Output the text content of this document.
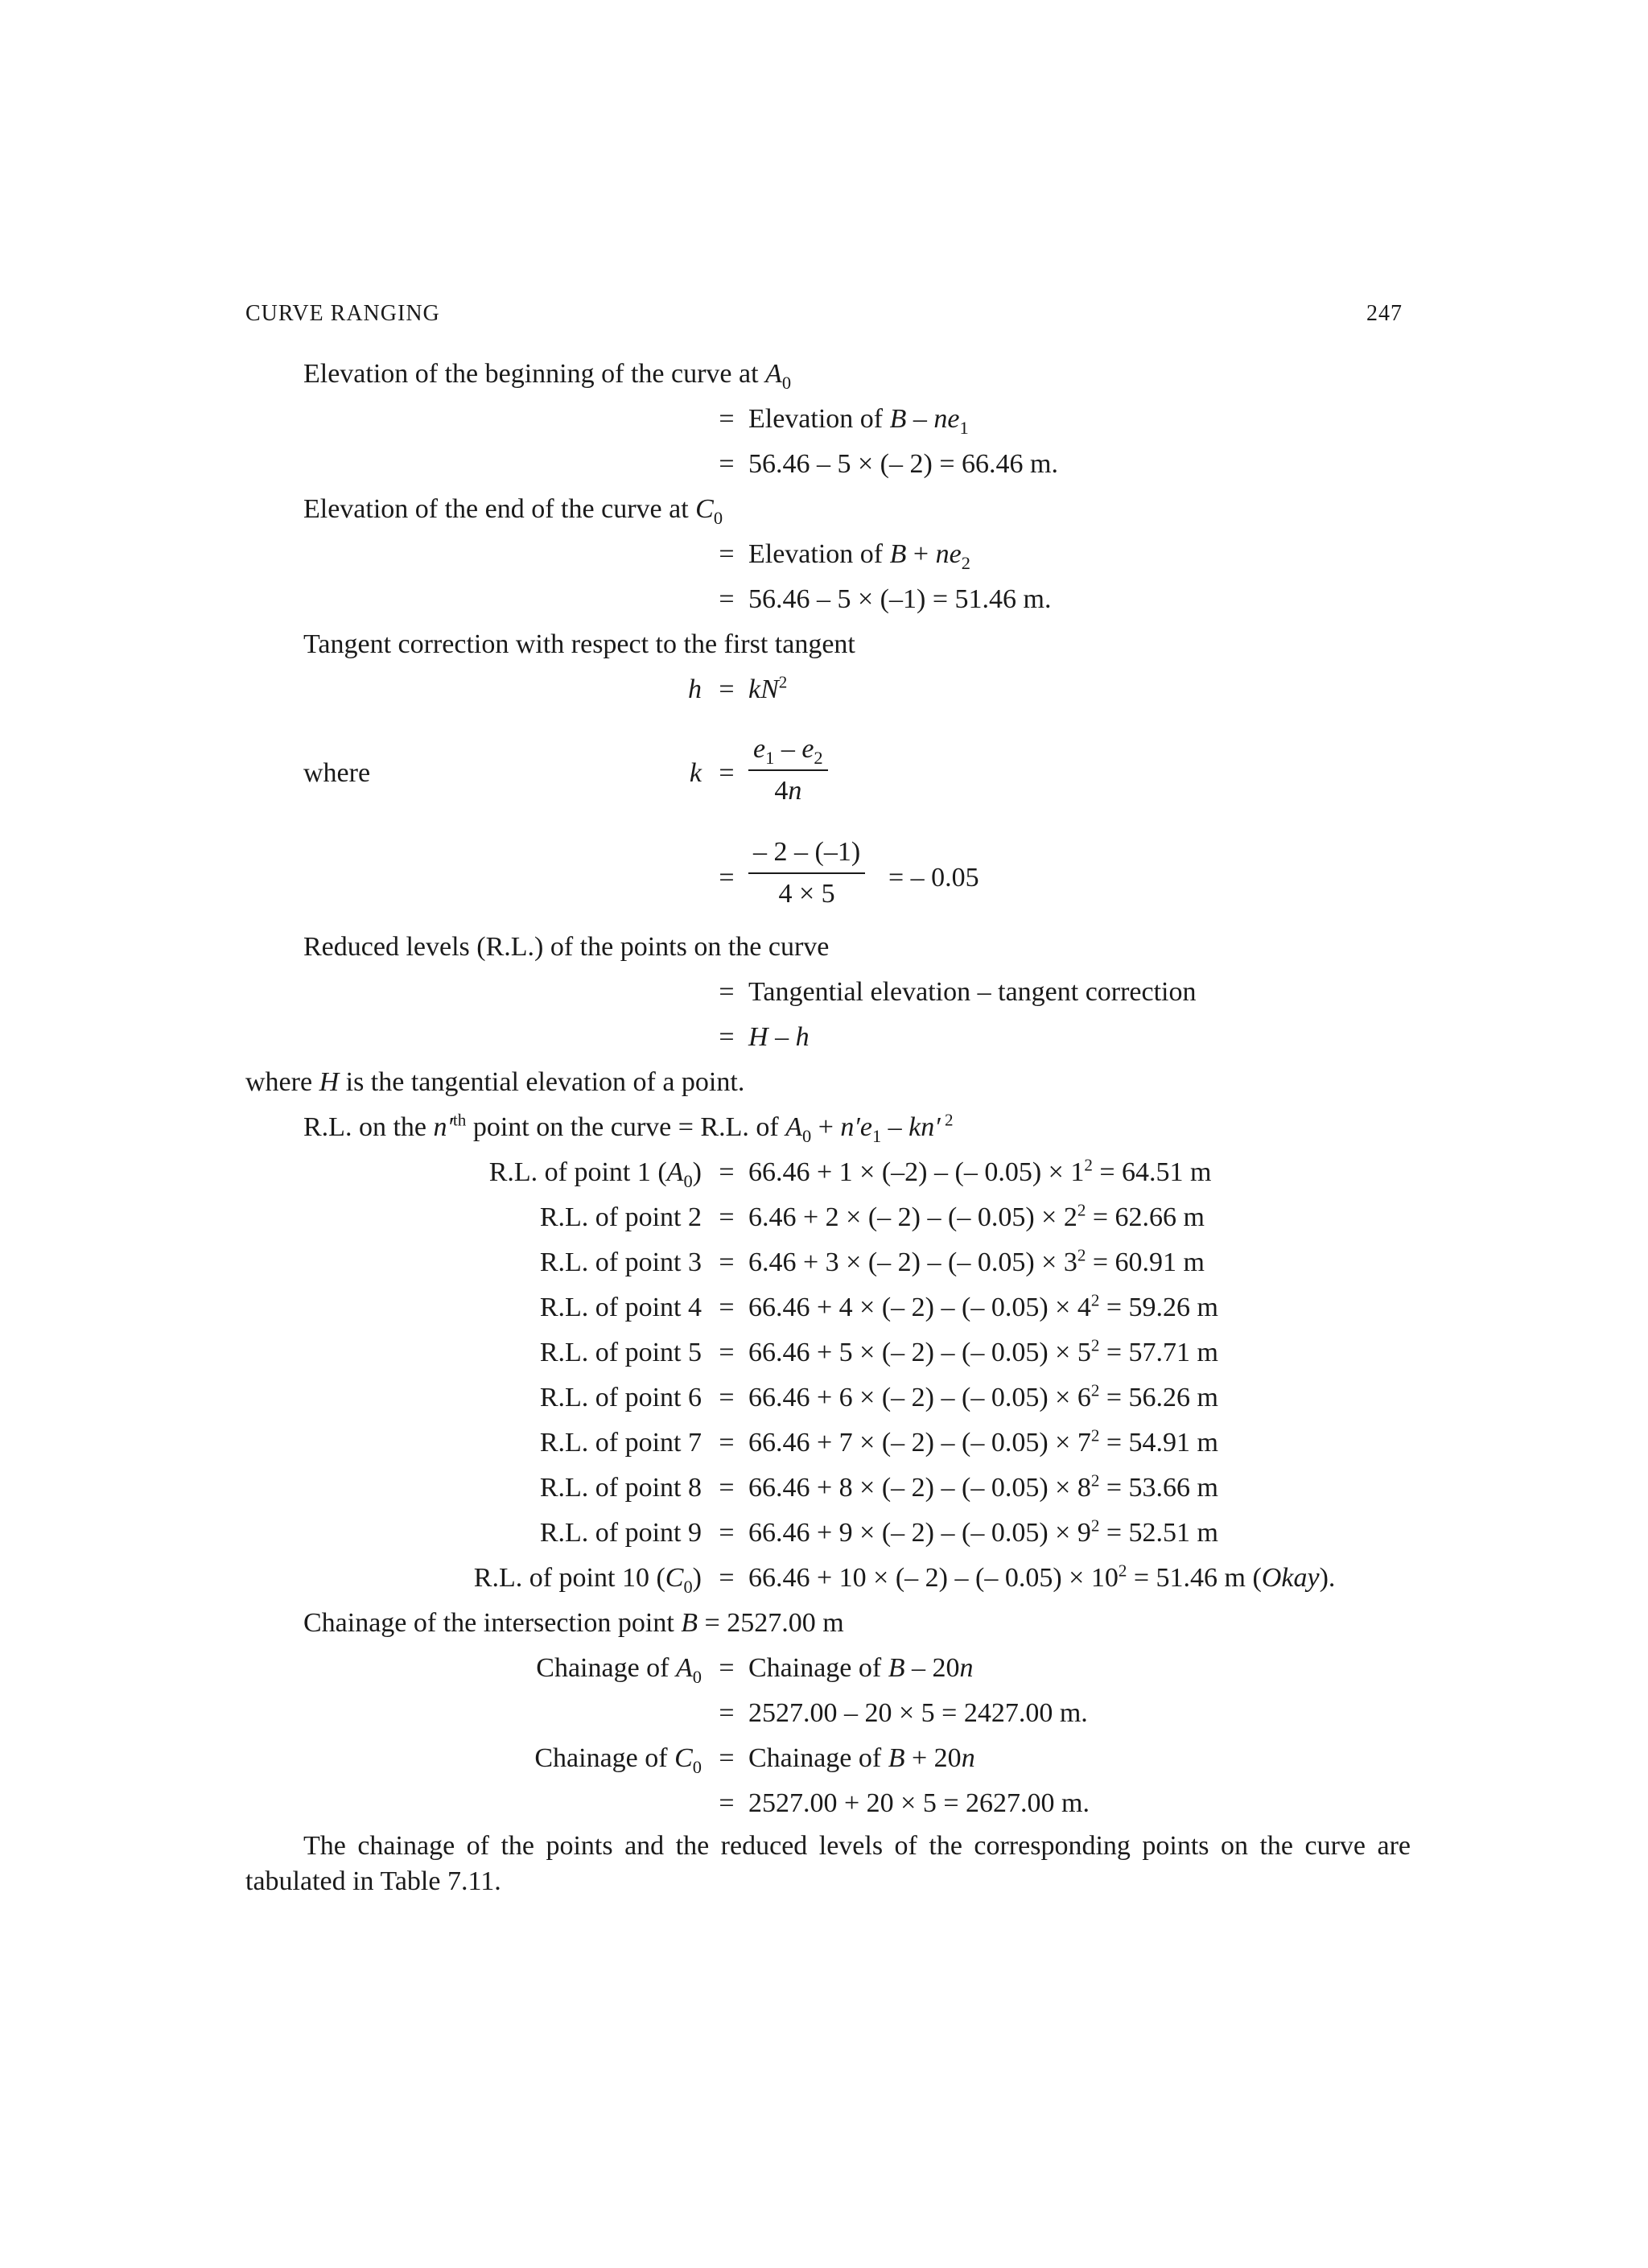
CURVE RANGING	247
Elevation of the beginning of the curve at $A_0$
= Elevation of B – $ne_1$
= 56.46 – 5 × (– 2) = 66.46 m.
Elevation of the end of the curve at $C_0$
= Elevation of $B + ne_2$
= 56.46 – 5 × (–1) = 51.46 m.
Tangent correction with respect to the first tangent
$h = kN^2$
where	$k = \frac{e_1 - e_2}{4n}$
= $\frac{- 2 - (-1)}{4 \times 5}$ = – 0.05
Reduced levels (R.L.) of the points on the curve
= Tangential elevation – tangent correction
= H – h
where H is the tangential elevation of a point.
R.L. on the $n'^{th}$ point on the curve = R.L. of $A_0 + n'e_1 - kn'$ $^2$
R.L. of point 1 $(A_0) = 66.46 + 1 \times (-2)$ – (– $0.05) \times 1^2 = 64.51$ m
R.L. of point 2 = 6.46 + 2 × (– 2) – (– $0.05) \times 2^2 = 62.66$ m
R.L. of point 3 = 6.46 + 3 × (– 2) – (– $0.05) \times 3^2 = 60.91$ m
R.L. of point 4 = 66.46 + 4 × (– 2) – (– $0.05) \times 4^2 = 59.26$ m
R.L. of point 5 = 66.46 + 5 × (– 2) – (– $0.05) \times 5^2 = 57.71$ m
R.L. of point 6 = 66.46 + 6 × (– 2) – (– $0.05) \times 6^2 = 56.26$ m
R.L. of point 7 = 66.46 + 7 × (– 2) – (– $0.05) \times 7^2 = 54.91$ m
R.L. of point 8 = 66.46 + 8 × (– 2) – (– $0.05) \times 8^2 = 53.66$ m
R.L. of point 9 = 66.46 + 9 × (– 2) – (– $0.05) \times 9^2 = 52.51$ m
R.L. of point 10 $(C_0) = 66.46 + 10$ × (– 2) – (– $0.05) \times 10^2 = 51.46$ m (Okay).
Chainage of the intersection point B = 2527.00 m
Chainage of $A_0$ = Chainage of B – 20n
= 2527.00 – 20 × 5 = 2427.00 m.
Chainage of $C_0$ = Chainage of B + 20n
= 2527.00 + 20 × 5 = 2627.00 m.
The chainage of the points and the reduced levels of the corresponding points on the curve are tabulated in Table 7.11.
